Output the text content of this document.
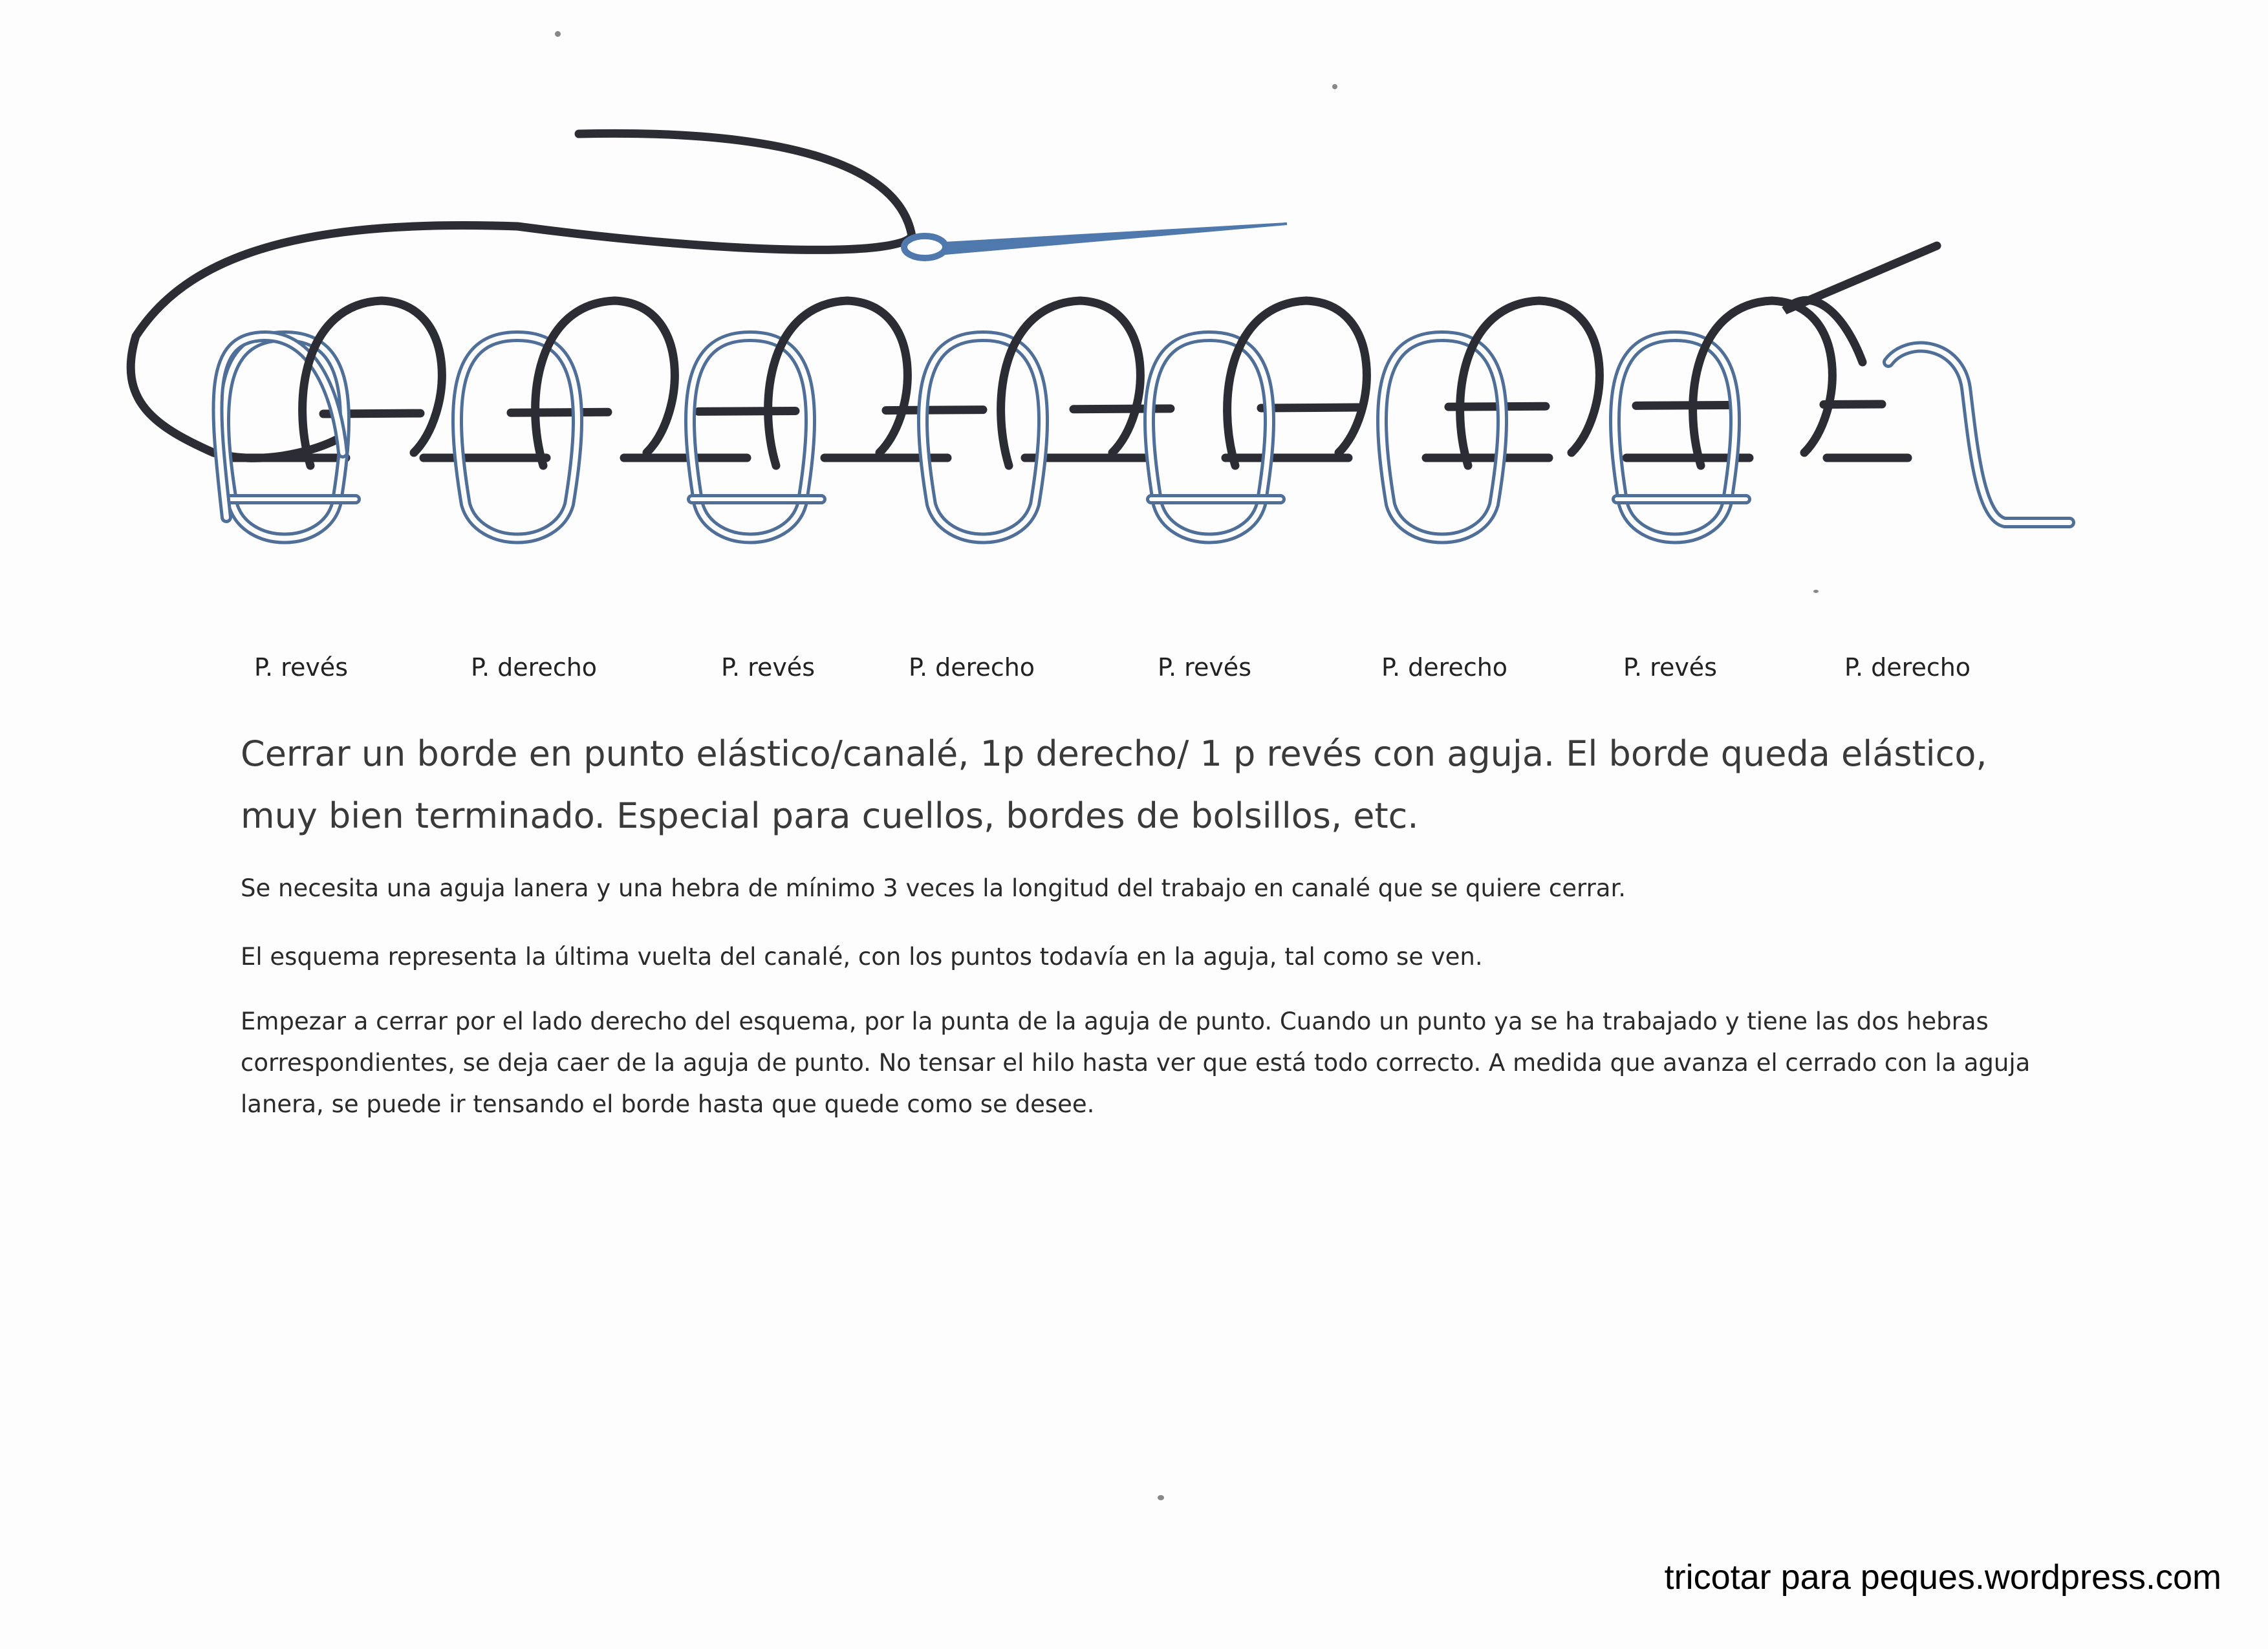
P. revés	P. derecho	P. revés	P. derecho	P. revés	P. derecho	P. revés	P. derecho
Cerrar un borde en punto elástico/canalé, 1p derecho/ 1 p revés con aguja. El borde queda elástico, muy bien terminado. Especial para cuellos, bordes de bolsillos, etc.

Se necesita una aguja lanera y una hebra de mínimo 3 veces la longitud del trabajo en canalé que se quiere cerrar.

El esquema representa la última vuelta del canalé, con los puntos todavía en la aguja, tal como se ven.

Empezar a cerrar por el lado derecho del esquema, por la punta de la aguja de punto. Cuando un punto ya se ha trabajado y tiene las dos hebras correspondientes, se deja caer de la aguja de punto. No tensar el hilo hasta ver que está todo correcto. A medida que avanza el cerrado con la aguja lanera, se puede ir tensando el borde hasta que quede como se desee.

tricotar para peques.wordpress.com
